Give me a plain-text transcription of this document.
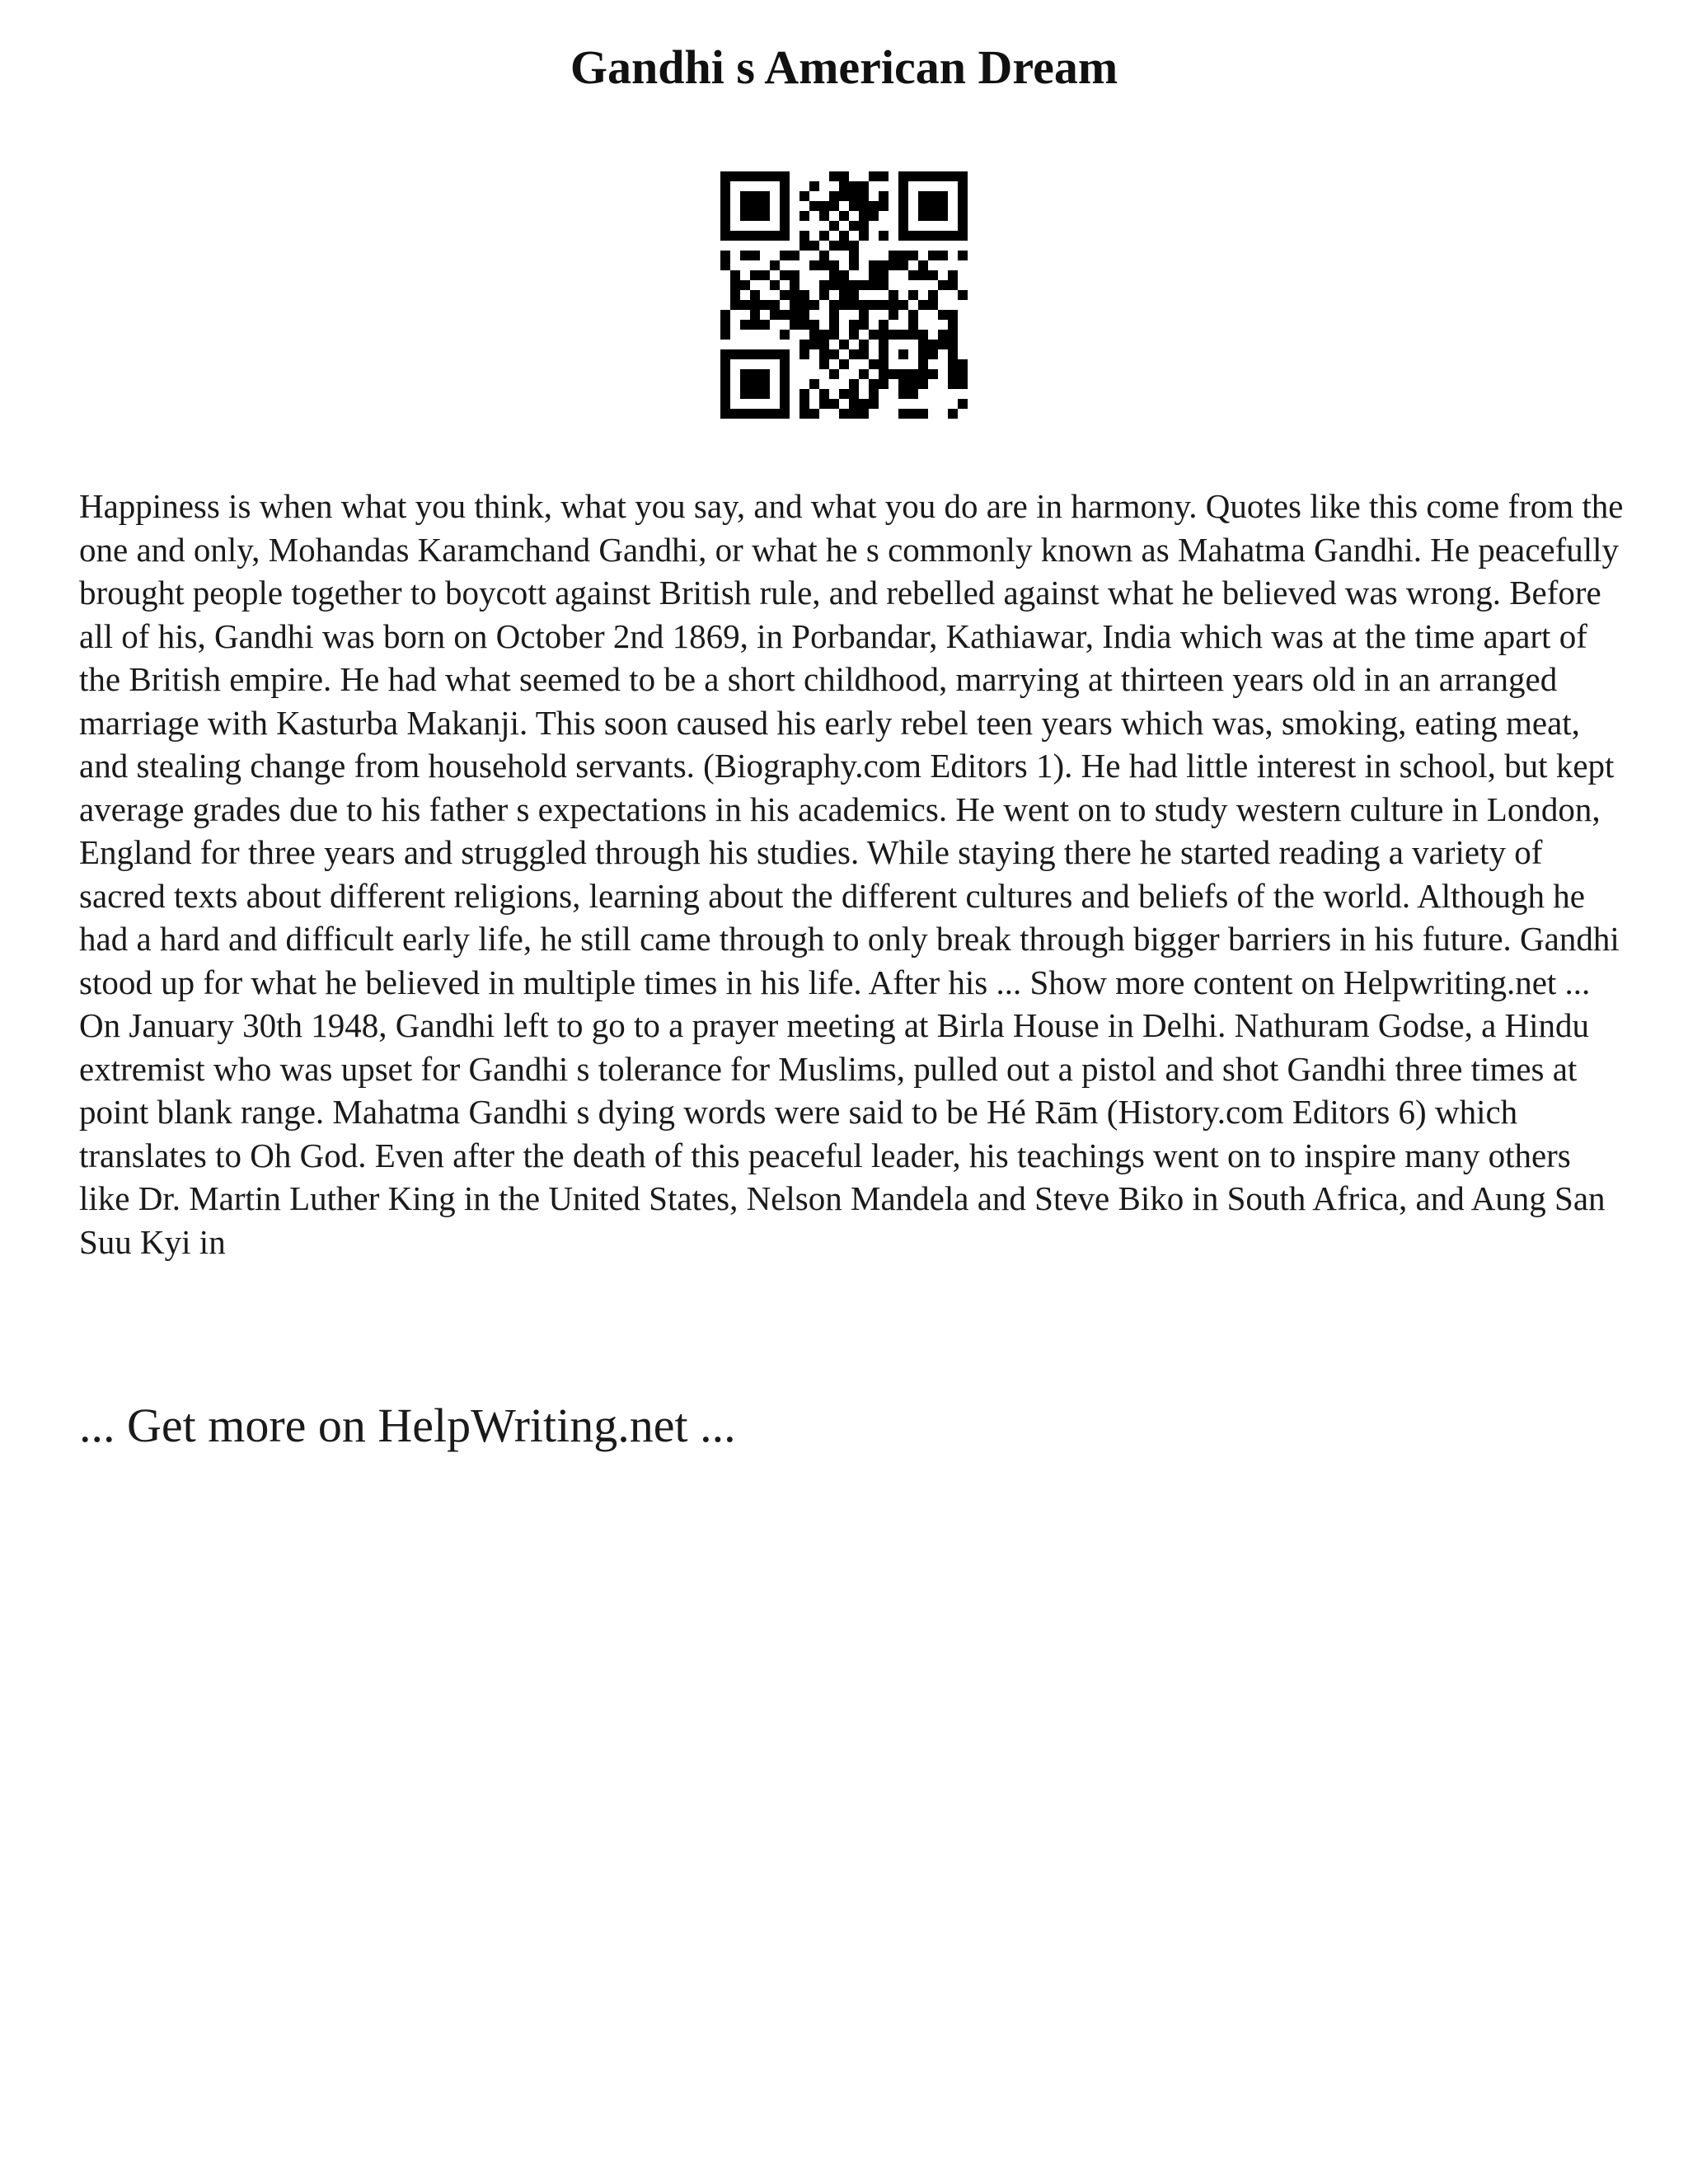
Gandhi s American Dream

Happiness is when what you think, what you say, and what you do are in harmony. Quotes like this come from the one and only, Mohandas Karamchand Gandhi, or what he s commonly known as Mahatma Gandhi. He peacefully brought people together to boycott against British rule, and rebelled against what he believed was wrong. Before all of his, Gandhi was born on October 2nd 1869, in Porbandar, Kathiawar, India which was at the time apart of the British empire. He had what seemed to be a short childhood, marrying at thirteen years old in an arranged marriage with Kasturba Makanji. This soon caused his early rebel teen years which was, smoking, eating meat, and stealing change from household servants. (Biography.com Editors 1). He had little interest in school, but kept average grades due to his father s expectations in his academics. He went on to study western culture in London, England for three years and struggled through his studies. While staying there he started reading a variety of sacred texts about different religions, learning about the different cultures and beliefs of the world. Although he had a hard and difficult early life, he still came through to only break through bigger barriers in his future. Gandhi stood up for what he believed in multiple times in his life. After his ... Show more content on Helpwriting.net ...

On January 30th 1948, Gandhi left to go to a prayer meeting at Birla House in Delhi. Nathuram Godse, a Hindu extremist who was upset for Gandhi s tolerance for Muslims, pulled out a pistol and shot Gandhi three times at point blank range. Mahatma Gandhi s dying words were said to be Hé Rām (History.com Editors 6) which translates to Oh God. Even after the death of this peaceful leader, his teachings went on to inspire many others like Dr. Martin Luther King in the United States, Nelson Mandela and Steve Biko in South Africa, and Aung San Suu Kyi in

... Get more on HelpWriting.net ...
